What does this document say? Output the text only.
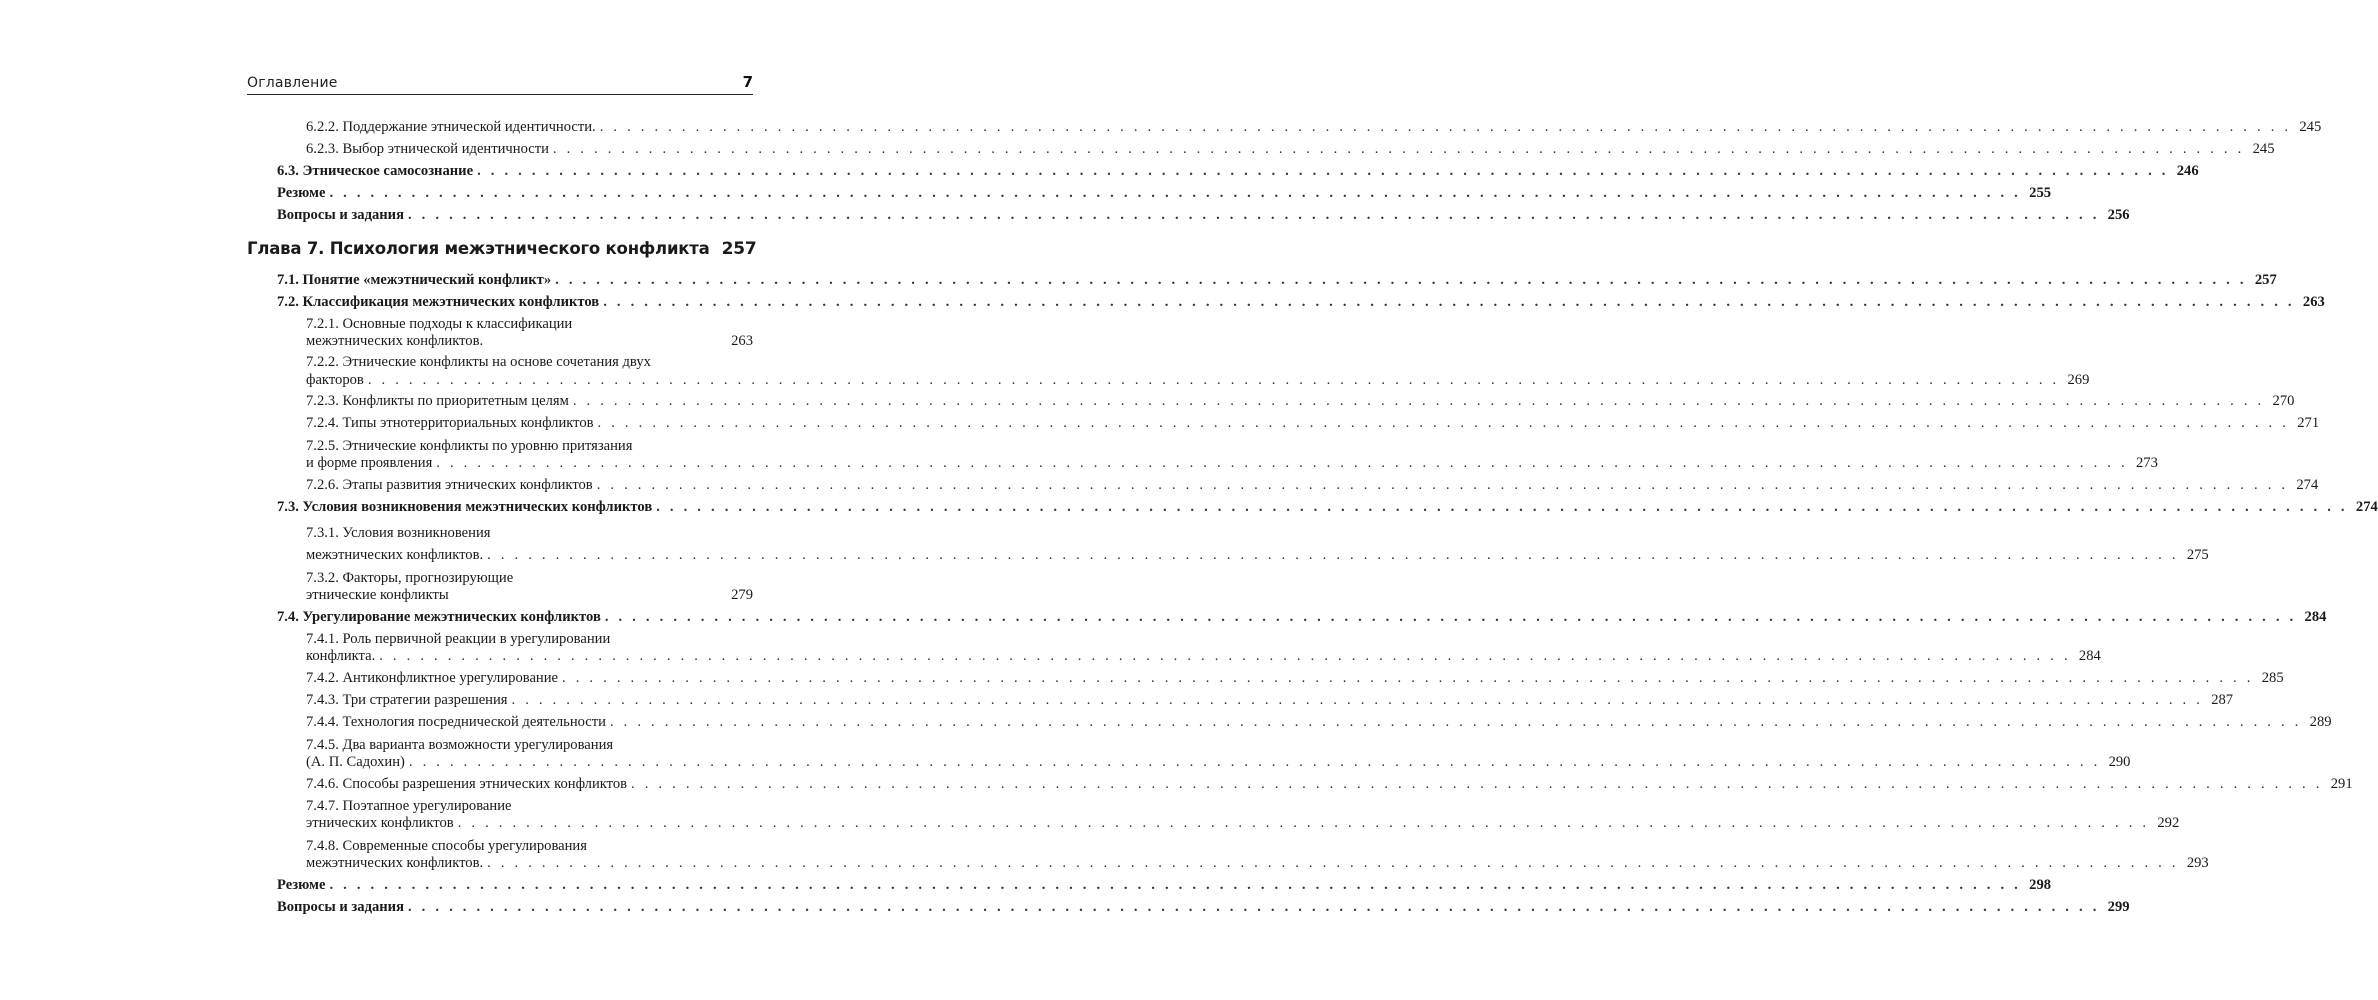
Оглавление	7
6.2.2. Поддержание этнической идентичности. . . . . . . . . . . . . . . . . . . . . . . . . . . . . . . . . . . . . . . . . . . . . . . . . . . . . . . . . . . . . . . . . . . . . . . . . . . . . . . . . . . . . . . . . . . . . . . . . . . . . . . . . . . . . . . . . . . . . . . . . . . . . 245
6.2.3. Выбор этнической идентичности . . . . . . . . . . . . . . . . . . . . . . . . . . . . . . . . . . . . . . . . . . . . . . . . . . . . . . . . . . . . . . . . . . . . . . . . . . . . . . . . . . . . . . . . . . . . . . . . . . . . . . . . . . . . . . . . . . . . . . . . . . . . 245
6.3. Этническое самосознание . . . . . . . . . . . . . . . . . . . . . . . . . . . . . . . . . . . . . . . . . . . . . . . . . . . . . . . . . . . . . . . . . . . . . . . . . . . . . . . . . . . . . . . . . . . . . . . . . . . . . . . . . . . . . . . . . . . . . . . . . . . . 246
Резюме . . . . . . . . . . . . . . . . . . . . . . . . . . . . . . . . . . . . . . . . . . . . . . . . . . . . . . . . . . . . . . . . . . . . . . . . . . . . . . . . . . . . . . . . . . . . . . . . . . . . . . . . . . . . . . . . . . . . . . . . . . . . 255
Вопросы и задания . . . . . . . . . . . . . . . . . . . . . . . . . . . . . . . . . . . . . . . . . . . . . . . . . . . . . . . . . . . . . . . . . . . . . . . . . . . . . . . . . . . . . . . . . . . . . . . . . . . . . . . . . . . . . . . . . . . . . . . . . . . . 256
Глава 7. Психология межэтнического конфликта 257
7.1. Понятие «межэтнический конфликт» . . . . . . . . . . . . . . . . . . . . . . . . . . . . . . . . . . . . . . . . . . . . . . . . . . . . . . . . . . . . . . . . . . . . . . . . . . . . . . . . . . . . . . . . . . . . . . . . . . . . . . . . . . . . . . . . . . . . . . . . . . . . 257
7.2. Классификация межэтнических конфликтов . . . . . . . . . . . . . . . . . . . . . . . . . . . . . . . . . . . . . . . . . . . . . . . . . . . . . . . . . . . . . . . . . . . . . . . . . . . . . . . . . . . . . . . . . . . . . . . . . . . . . . . . . . . . . . . . . . . . . . . . . . . . 263
7.2.1. Основные подходы к классификации
межэтнических конфликтов.	263
7.2.2. Этнические конфликты на основе сочетания двух
факторов . . . . . . . . . . . . . . . . . . . . . . . . . . . . . . . . . . . . . . . . . . . . . . . . . . . . . . . . . . . . . . . . . . . . . . . . . . . . . . . . . . . . . . . . . . . . . . . . . . . . . . . . . . . . . . . . . . . . . . . . . . . . 269
7.2.3. Конфликты по приоритетным целям . . . . . . . . . . . . . . . . . . . . . . . . . . . . . . . . . . . . . . . . . . . . . . . . . . . . . . . . . . . . . . . . . . . . . . . . . . . . . . . . . . . . . . . . . . . . . . . . . . . . . . . . . . . . . . . . . . . . . . . . . . . . 270
7.2.4. Типы этнотерриториальных конфликтов . . . . . . . . . . . . . . . . . . . . . . . . . . . . . . . . . . . . . . . . . . . . . . . . . . . . . . . . . . . . . . . . . . . . . . . . . . . . . . . . . . . . . . . . . . . . . . . . . . . . . . . . . . . . . . . . . . . . . . . . . . . . 271
7.2.5. Этнические конфликты по уровню притязания
и форме проявления . . . . . . . . . . . . . . . . . . . . . . . . . . . . . . . . . . . . . . . . . . . . . . . . . . . . . . . . . . . . . . . . . . . . . . . . . . . . . . . . . . . . . . . . . . . . . . . . . . . . . . . . . . . . . . . . . . . . . . . . . . . . 273
7.2.6. Этапы развития этнических конфликтов . . . . . . . . . . . . . . . . . . . . . . . . . . . . . . . . . . . . . . . . . . . . . . . . . . . . . . . . . . . . . . . . . . . . . . . . . . . . . . . . . . . . . . . . . . . . . . . . . . . . . . . . . . . . . . . . . . . . . . . . . . . . 274
7.3. Условия возникновения межэтнических конфликтов . . . . . . . . . . . . . . . . . . . . . . . . . . . . . . . . . . . . . . . . . . . . . . . . . . . . . . . . . . . . . . . . . . . . . . . . . . . . . . . . . . . . . . . . . . . . . . . . . . . . . . . . . . . . . . . . . . . . . . . . . . . . 274
7.3.1. Условия возникновения
межэтнических конфликтов. . . . . . . . . . . . . . . . . . . . . . . . . . . . . . . . . . . . . . . . . . . . . . . . . . . . . . . . . . . . . . . . . . . . . . . . . . . . . . . . . . . . . . . . . . . . . . . . . . . . . . . . . . . . . . . . . . . . . . . . . . . . . 275
7.3.2. Факторы, прогнозирующие
этнические конфликты	279
7.4. Урегулирование межэтнических конфликтов . . . . . . . . . . . . . . . . . . . . . . . . . . . . . . . . . . . . . . . . . . . . . . . . . . . . . . . . . . . . . . . . . . . . . . . . . . . . . . . . . . . . . . . . . . . . . . . . . . . . . . . . . . . . . . . . . . . . . . . . . . . . 284
7.4.1. Роль первичной реакции в урегулировании
конфликта. . . . . . . . . . . . . . . . . . . . . . . . . . . . . . . . . . . . . . . . . . . . . . . . . . . . . . . . . . . . . . . . . . . . . . . . . . . . . . . . . . . . . . . . . . . . . . . . . . . . . . . . . . . . . . . . . . . . . . . . . . . . . 284
7.4.2. Антиконфликтное урегулирование . . . . . . . . . . . . . . . . . . . . . . . . . . . . . . . . . . . . . . . . . . . . . . . . . . . . . . . . . . . . . . . . . . . . . . . . . . . . . . . . . . . . . . . . . . . . . . . . . . . . . . . . . . . . . . . . . . . . . . . . . . . . 285
7.4.3. Три стратегии разрешения . . . . . . . . . . . . . . . . . . . . . . . . . . . . . . . . . . . . . . . . . . . . . . . . . . . . . . . . . . . . . . . . . . . . . . . . . . . . . . . . . . . . . . . . . . . . . . . . . . . . . . . . . . . . . . . . . . . . . . . . . . . . 287
7.4.4. Технология посреднической деятельности . . . . . . . . . . . . . . . . . . . . . . . . . . . . . . . . . . . . . . . . . . . . . . . . . . . . . . . . . . . . . . . . . . . . . . . . . . . . . . . . . . . . . . . . . . . . . . . . . . . . . . . . . . . . . . . . . . . . . . . . . . . . 289
7.4.5. Два варианта возможности урегулирования
(А. П. Садохин) . . . . . . . . . . . . . . . . . . . . . . . . . . . . . . . . . . . . . . . . . . . . . . . . . . . . . . . . . . . . . . . . . . . . . . . . . . . . . . . . . . . . . . . . . . . . . . . . . . . . . . . . . . . . . . . . . . . . . . . . . . . . 290
7.4.6. Способы разрешения этнических конфликтов . . . . . . . . . . . . . . . . . . . . . . . . . . . . . . . . . . . . . . . . . . . . . . . . . . . . . . . . . . . . . . . . . . . . . . . . . . . . . . . . . . . . . . . . . . . . . . . . . . . . . . . . . . . . . . . . . . . . . . . . . . . . 291
7.4.7. Поэтапное урегулирование
этнических конфликтов . . . . . . . . . . . . . . . . . . . . . . . . . . . . . . . . . . . . . . . . . . . . . . . . . . . . . . . . . . . . . . . . . . . . . . . . . . . . . . . . . . . . . . . . . . . . . . . . . . . . . . . . . . . . . . . . . . . . . . . . . . . . 292
7.4.8. Современные способы урегулирования
межэтнических конфликтов. . . . . . . . . . . . . . . . . . . . . . . . . . . . . . . . . . . . . . . . . . . . . . . . . . . . . . . . . . . . . . . . . . . . . . . . . . . . . . . . . . . . . . . . . . . . . . . . . . . . . . . . . . . . . . . . . . . . . . . . . . . . . 293
Резюме . . . . . . . . . . . . . . . . . . . . . . . . . . . . . . . . . . . . . . . . . . . . . . . . . . . . . . . . . . . . . . . . . . . . . . . . . . . . . . . . . . . . . . . . . . . . . . . . . . . . . . . . . . . . . . . . . . . . . . . . . . . . 298
Вопросы и задания . . . . . . . . . . . . . . . . . . . . . . . . . . . . . . . . . . . . . . . . . . . . . . . . . . . . . . . . . . . . . . . . . . . . . . . . . . . . . . . . . . . . . . . . . . . . . . . . . . . . . . . . . . . . . . . . . . . . . . . . . . . . 299
